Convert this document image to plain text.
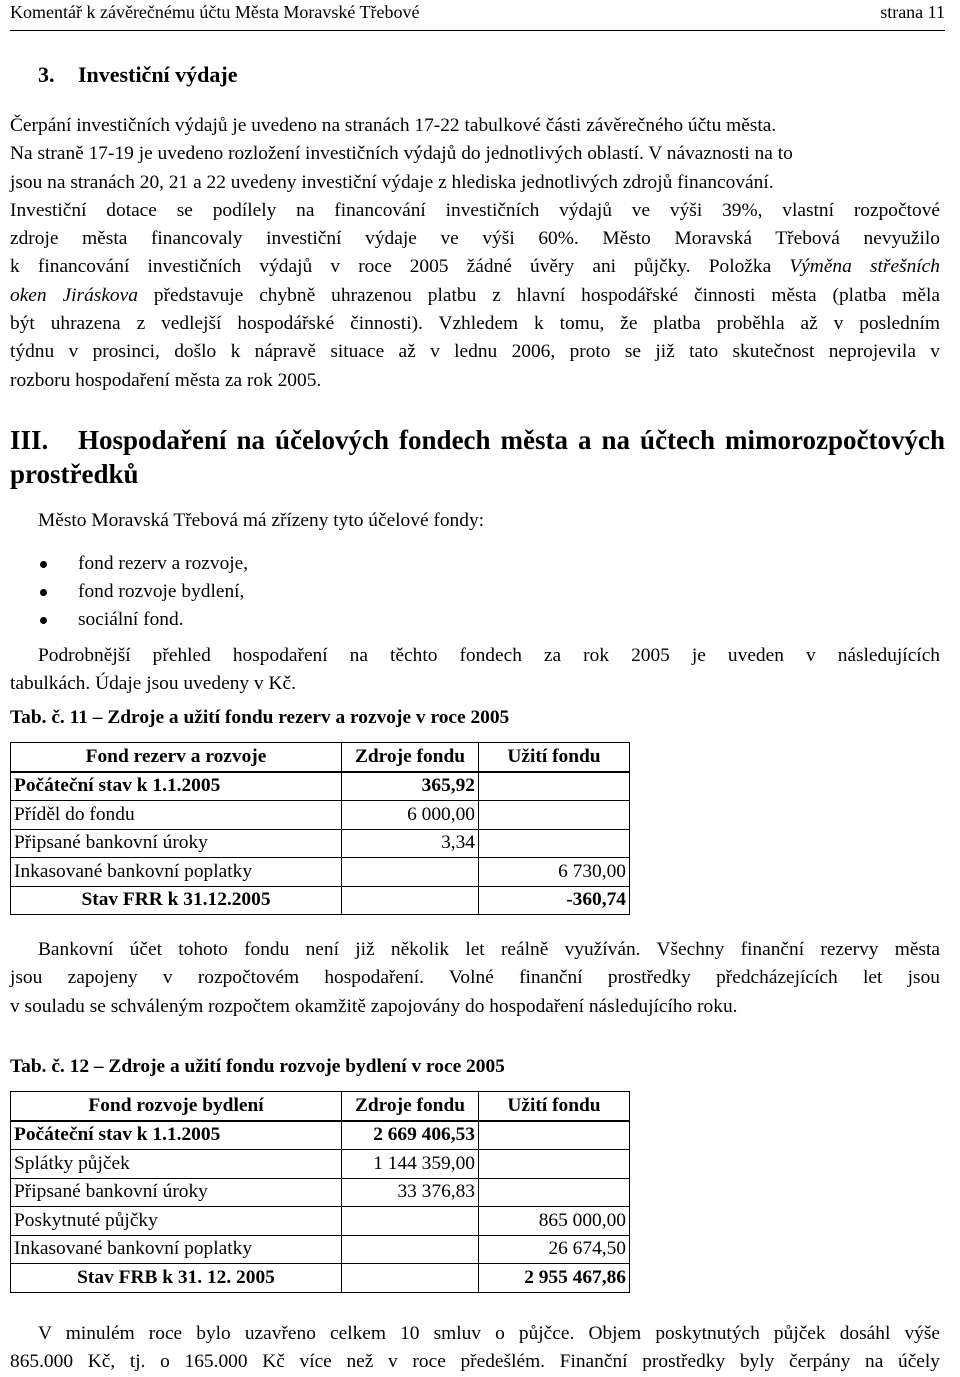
Komentář k závěrečnému účtu Města Moravské Třebové	strana 11
3. Investiční výdaje
Čerpání investičních výdajů je uvedeno na stranách 17-22 tabulkové části závěrečného účtu města.
Na straně 17-19 je uvedeno rozložení investičních výdajů do jednotlivých oblastí. V návaznosti na to
jsou na stranách 20, 21 a 22 uvedeny investiční výdaje z hlediska jednotlivých zdrojů financování.
Investiční dotace se podílely na financování investičních výdajů ve výši 39%, vlastní rozpočtové
zdroje města financovaly investiční výdaje ve výši 60%. Město Moravská Třebová nevyužilo
k financování investičních výdajů v roce 2005 žádné úvěry ani půjčky. Položka Výměna střešních
oken Jiráskova představuje chybně uhrazenou platbu z hlavní hospodářské činnosti města (platba měla
být uhrazena z vedlejší hospodářské činnosti). Vzhledem k tomu, že platba proběhla až v posledním
týdnu v prosinci, došlo k nápravě situace až v lednu 2006, proto se již tato skutečnost neprojevila v
rozboru hospodaření města za rok 2005.
III. Hospodaření na účelových fondech města a na účtech mimorozpočtových
prostředků
Město Moravská Třebová má zřízeny tyto účelové fondy:
fond rezerv a rozvoje,
fond rozvoje bydlení,
sociální fond.
Podrobnější přehled hospodaření na těchto fondech za rok 2005 je uveden v následujících
tabulkách. Údaje jsou uvedeny v Kč.
Tab. č. 11 – Zdroje a užití fondu rezerv a rozvoje v roce 2005
Fond rezerv a rozvoje	Zdroje fondu	Užití fondu
Počáteční stav k 1.1.2005	365,92	
Příděl do fondu	6 000,00	
Připsané bankovní úroky	3,34	
Inkasované bankovní poplatky		6 730,00
Stav FRR k 31.12.2005		-360,74
Bankovní účet tohoto fondu není již několik let reálně využíván. Všechny finanční rezervy města
jsou zapojeny v rozpočtovém hospodaření. Volné finanční prostředky předcházejících let jsou
v souladu se schváleným rozpočtem okamžitě zapojovány do hospodaření následujícího roku.
Tab. č. 12 – Zdroje a užití fondu rozvoje bydlení v roce 2005
Fond rozvoje bydlení	Zdroje fondu	Užití fondu
Počáteční stav k 1.1.2005	2 669 406,53	
Splátky půjček	1 144 359,00	
Připsané bankovní úroky	33 376,83	
Poskytnuté půjčky		865 000,00
Inkasované bankovní poplatky		26 674,50
Stav FRB k 31. 12. 2005		2 955 467,86
V minulém roce bylo uzavřeno celkem 10 smluv o půjčce. Objem poskytnutých půjček dosáhl výše
865.000 Kč, tj. o 165.000 Kč více než v roce předešlém. Finanční prostředky byly čerpány na účely
